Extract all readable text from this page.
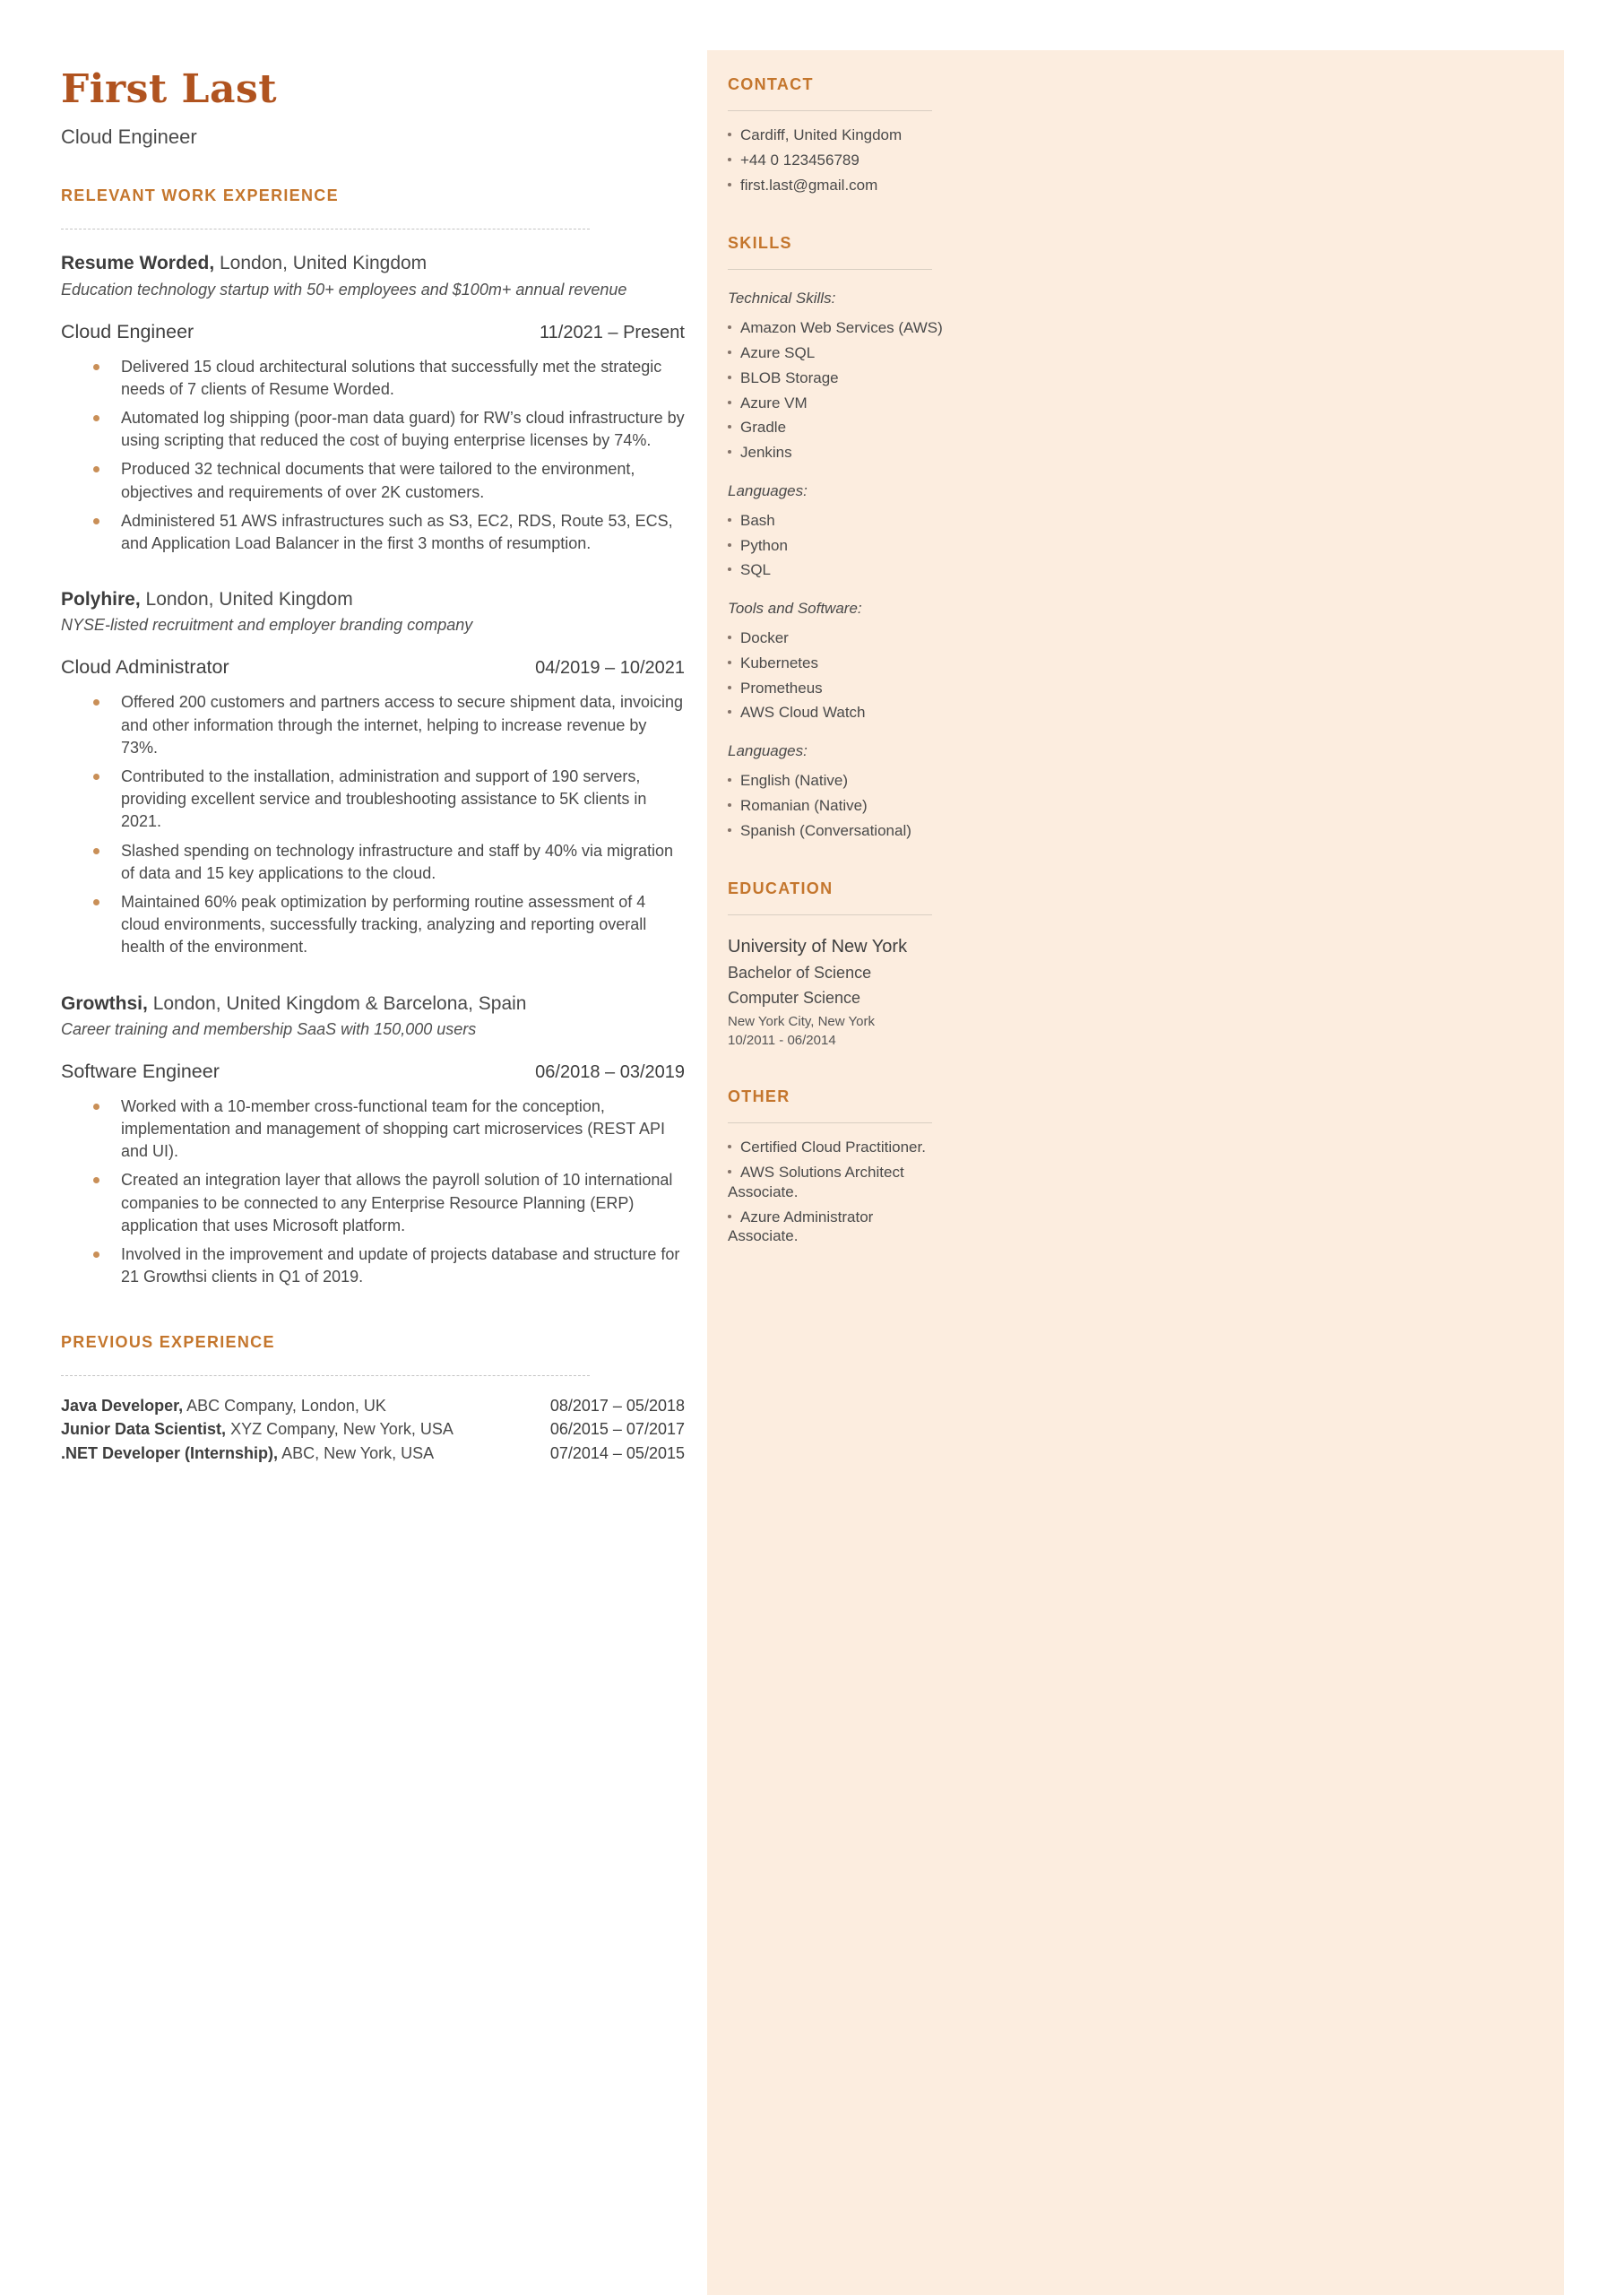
First Last
Cloud Engineer
RELEVANT WORK EXPERIENCE
Resume Worded, London, United Kingdom
Education technology startup with 50+ employees and $100m+ annual revenue
Cloud Engineer	11/2021 – Present
Delivered 15 cloud architectural solutions that successfully met the strategic needs of 7 clients of Resume Worded.
Automated log shipping (poor-man data guard) for RW’s cloud infrastructure by using scripting that reduced the cost of buying enterprise licenses by 74%.
Produced 32 technical documents that were tailored to the environment, objectives and requirements of over 2K customers.
Administered 51 AWS infrastructures such as S3, EC2, RDS, Route 53, ECS, and Application Load Balancer in the first 3 months of resumption.
Polyhire, London, United Kingdom
NYSE-listed recruitment and employer branding company
Cloud Administrator	04/2019 – 10/2021
Offered 200 customers and partners access to secure shipment data, invoicing and other information through the internet, helping to increase revenue by 73%.
Contributed to the installation, administration and support of 190 servers, providing excellent service and troubleshooting assistance to 5K clients in 2021.
Slashed spending on technology infrastructure and staff by 40% via migration of data and 15 key applications to the cloud.
Maintained 60% peak optimization by performing routine assessment of 4 cloud environments, successfully tracking, analyzing and reporting overall health of the environment.
Growthsi, London, United Kingdom & Barcelona, Spain
Career training and membership SaaS with 150,000 users
Software Engineer	06/2018 – 03/2019
Worked with a 10-member cross-functional team for the conception, implementation and management of shopping cart microservices (REST API and UI).
Created an integration layer that allows the payroll solution of 10 international companies to be connected to any Enterprise Resource Planning (ERP) application that uses Microsoft platform.
Involved in the improvement and update of projects database and structure for 21 Growthsi clients in Q1 of 2019.
PREVIOUS EXPERIENCE
Java Developer, ABC Company, London, UK	08/2017 – 05/2018
Junior Data Scientist, XYZ Company, New York, USA	06/2015 – 07/2017
.NET Developer (Internship), ABC, New York, USA	07/2014 – 05/2015
CONTACT
Cardiff, United Kingdom
+44 0 123456789
first.last@gmail.com
SKILLS
Technical Skills:
Amazon Web Services (AWS)
Azure SQL
BLOB Storage
Azure VM
Gradle
Jenkins
Languages:
Bash
Python
SQL
Tools and Software:
Docker
Kubernetes
Prometheus
AWS Cloud Watch
Languages:
English (Native)
Romanian (Native)
Spanish (Conversational)
EDUCATION
University of New York
Bachelor of Science
Computer Science
New York City, New York
10/2011 - 06/2014
OTHER
Certified Cloud Practitioner.
AWS Solutions Architect Associate.
Azure Administrator Associate.
